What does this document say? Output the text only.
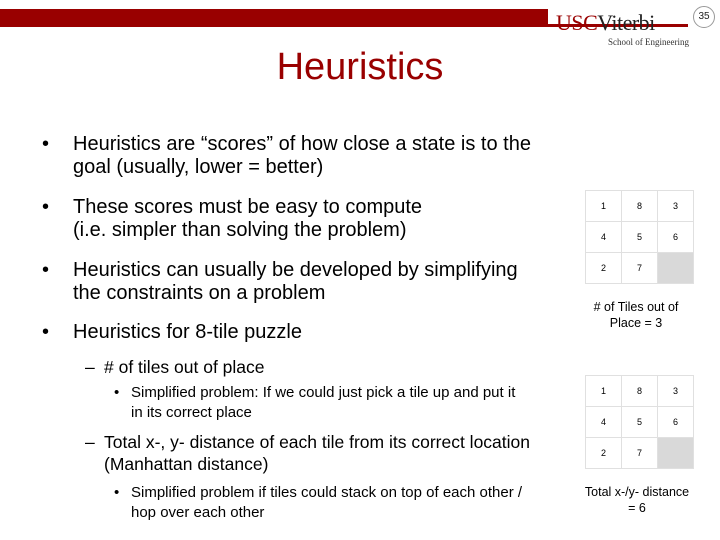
USCViterbi
School of Engineering
35
Heuristics
• Heuristics are “scores” of how close a state is to the
goal (usually, lower = better)
• These scores must be easy to compute
(i.e. simpler than solving the problem)
• Heuristics can usually be developed by simplifying
the constraints on a problem
• Heuristics for 8-tile puzzle
– # of tiles out of place
– Total x-, y- distance of each tile from its correct location
(Manhattan distance)
• Simplified problem: If we could just pick a tile up and put it
in its correct place
• Simplified problem if tiles could stack on top of each other /
hop over each other
1	8	3
4	5	6
2	7	
# of Tiles out of
Place = 3
1	8	3
4	5	6
2	7	
Total x-/y- distance
= 6
